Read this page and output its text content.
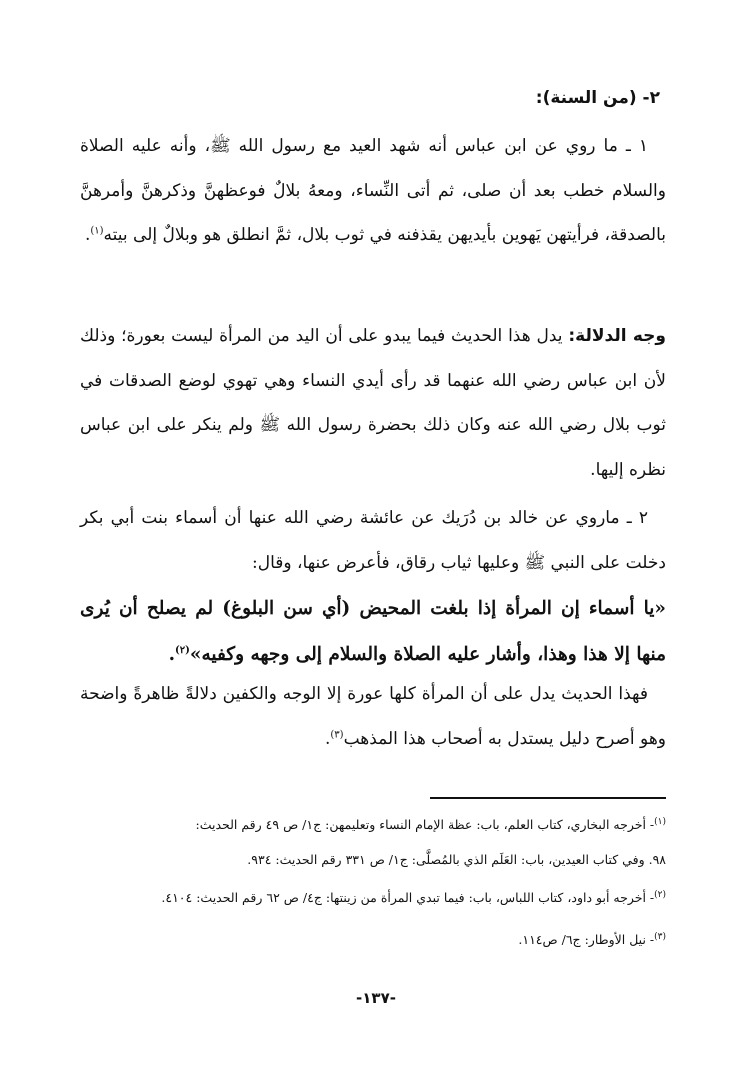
٢- (من السنة):
١ ـ ما روي عن ابن عباس أنه شهد العيد مع رسول الله ﷺ، وأنه عليه الصلاة والسلام خطب بعد أن صلى، ثم أتى النِّساء، ومعهُ بلالٌ فوعظهنَّ وذكرهنَّ وأمرهنَّ بالصدقة، فرأيتهن يَهوين بأيديهن يقذفنه في ثوب بلال، ثمَّ انطلق هو وبلالٌ إلى بيته$^{(١)}$.
وجه الدلالة: يدل هذا الحديث فيما يبدو على أن اليد من المرأة ليست بعورة؛ وذلك لأن ابن عباس رضي الله عنهما قد رأى أيدي النساء وهي تهوي لوضع الصدقات في ثوب بلال رضي الله عنه وكان ذلك بحضرة رسول الله ﷺ ولم ينكر على ابن عباس نظره إليها.
٢ ـ ماروي عن خالد بن دُرَيك عن عائشة رضي الله عنها أن أسماء بنت أبي بكر دخلت على النبي ﷺ وعليها ثياب رقاق، فأعرض عنها، وقال:
«يا أسماء إن المرأة إذا بلغت المحيض (أي سن البلوغ) لم يصلح أن يُرى منها إلا هذا وهذا، وأشار عليه الصلاة والسلام إلى وجهه وكفيه»$^{(٢)}$.
فهذا الحديث يدل على أن المرأة كلها عورة إلا الوجه والكفين دلالةً ظاهرةً واضحة وهو أصرح دليل يستدل به أصحاب هذا المذهب$^{(٣)}$.
$^{(١)}$- أخرجه البخاري، كتاب العلم، باب: عظة الإمام النساء وتعليمهن: ج١/ ص ٤٩ رقم الحديث:
٩٨. وفي كتاب العيدين، باب: العَلَم الذي بالمُصلَّى: ج١/ ص ٣٣١ رقم الحديث: ٩٣٤.
$^{(٢)}$- أخرجه أبو داود، كتاب اللباس، باب: فيما تبدي المرأة من زينتها: ج٤/ ص ٦٢ رقم الحديث: ٤١٠٤.
$^{(٣)}$- نيل الأوطار: ج٦/ ص١١٤.
-١٣٧-
